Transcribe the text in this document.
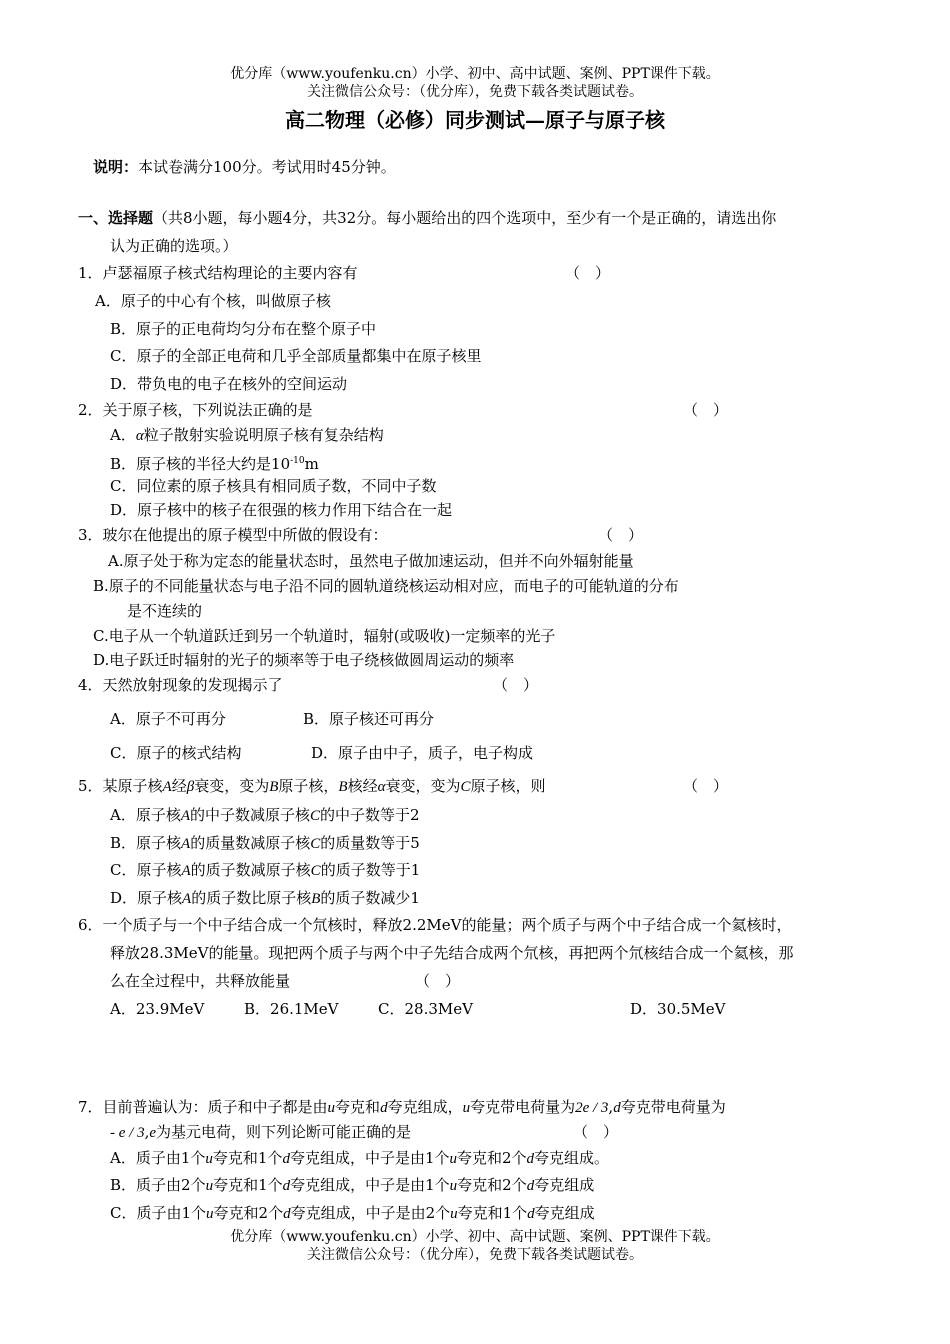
优分库（www.youfenku.cn）小学、初中、高中试题、案例、PPT课件下载。
关注微信公众号：（优分库），免费下载各类试题试卷。
高二物理（必修）同步测试—原子与原子核
说明：本试卷满分100分。考试用时45分钟。
一、选择题（共8小题，每小题4分，共32分。每小题给出的四个选项中，至少有一个是正确的，请选出你
认为正确的选项。）
1．卢瑟福原子核式结构理论的主要内容有	（　）
A．原子的中心有个核，叫做原子核
B．原子的正电荷均匀分布在整个原子中
C．原子的全部正电荷和几乎全部质量都集中在原子核里
D．带负电的电子在核外的空间运动
2．关于原子核，下列说法正确的是	（　）
A．α粒子散射实验说明原子核有复杂结构
B．原子核的半径大约是$10^{-10}m$
C．同位素的原子核具有相同质子数，不同中子数
D．原子核中的核子在很强的核力作用下结合在一起
3．玻尔在他提出的原子模型中所做的假设有：	（　）
A.原子处于称为定态的能量状态时，虽然电子做加速运动，但并不向外辐射能量
B.原子的不同能量状态与电子沿不同的圆轨道绕核运动相对应，而电子的可能轨道的分布
是不连续的
C.电子从一个轨道跃迁到另一个轨道时，辐射(或吸收)一定频率的光子
D.电子跃迁时辐射的光子的频率等于电子绕核做圆周运动的频率
4．天然放射现象的发现揭示了	（　）
A．原子不可再分	B．原子核还可再分
C．原子的核式结构	D．原子由中子，质子，电子构成
5．某原子核A经β衰变，变为B原子核，B核经α衰变，变为C原子核，则	（　）
A．原子核A的中子数减原子核C的中子数等于2
B．原子核A的质量数减原子核C的质量数等于5
C．原子核A的质子数减原子核C的质子数等于1
D．原子核A的质子数比原子核B的质子数减少1
6．一个质子与一个中子结合成一个氘核时，释放2.2MeV的能量；两个质子与两个中子结合成一个氦核时，
释放28.3MeV的能量。现把两个质子与两个中子先结合成两个氘核，再把两个氘核结合成一个氦核，那
么在全过程中，共释放能量	（　）
A．23.9MeV	B．26.1MeV	C．28.3MeV	D．30.5MeV
7．目前普遍认为：质子和中子都是由u夸克和d夸克组成，u夸克带电荷量为2e / 3,d夸克带电荷量为
- e / 3,e为基元电荷，则下列论断可能正确的是	（　）
A．质子由1个u夸克和1个d夸克组成，中子是由1个u夸克和2个d夸克组成。
B．质子由2个u夸克和1个d夸克组成，中子是由1个u夸克和2个d夸克组成
C．质子由1个u夸克和2个d夸克组成，中子是由2个u夸克和1个d夸克组成
优分库（www.youfenku.cn）小学、初中、高中试题、案例、PPT课件下载。
关注微信公众号：（优分库），免费下载各类试题试卷。
